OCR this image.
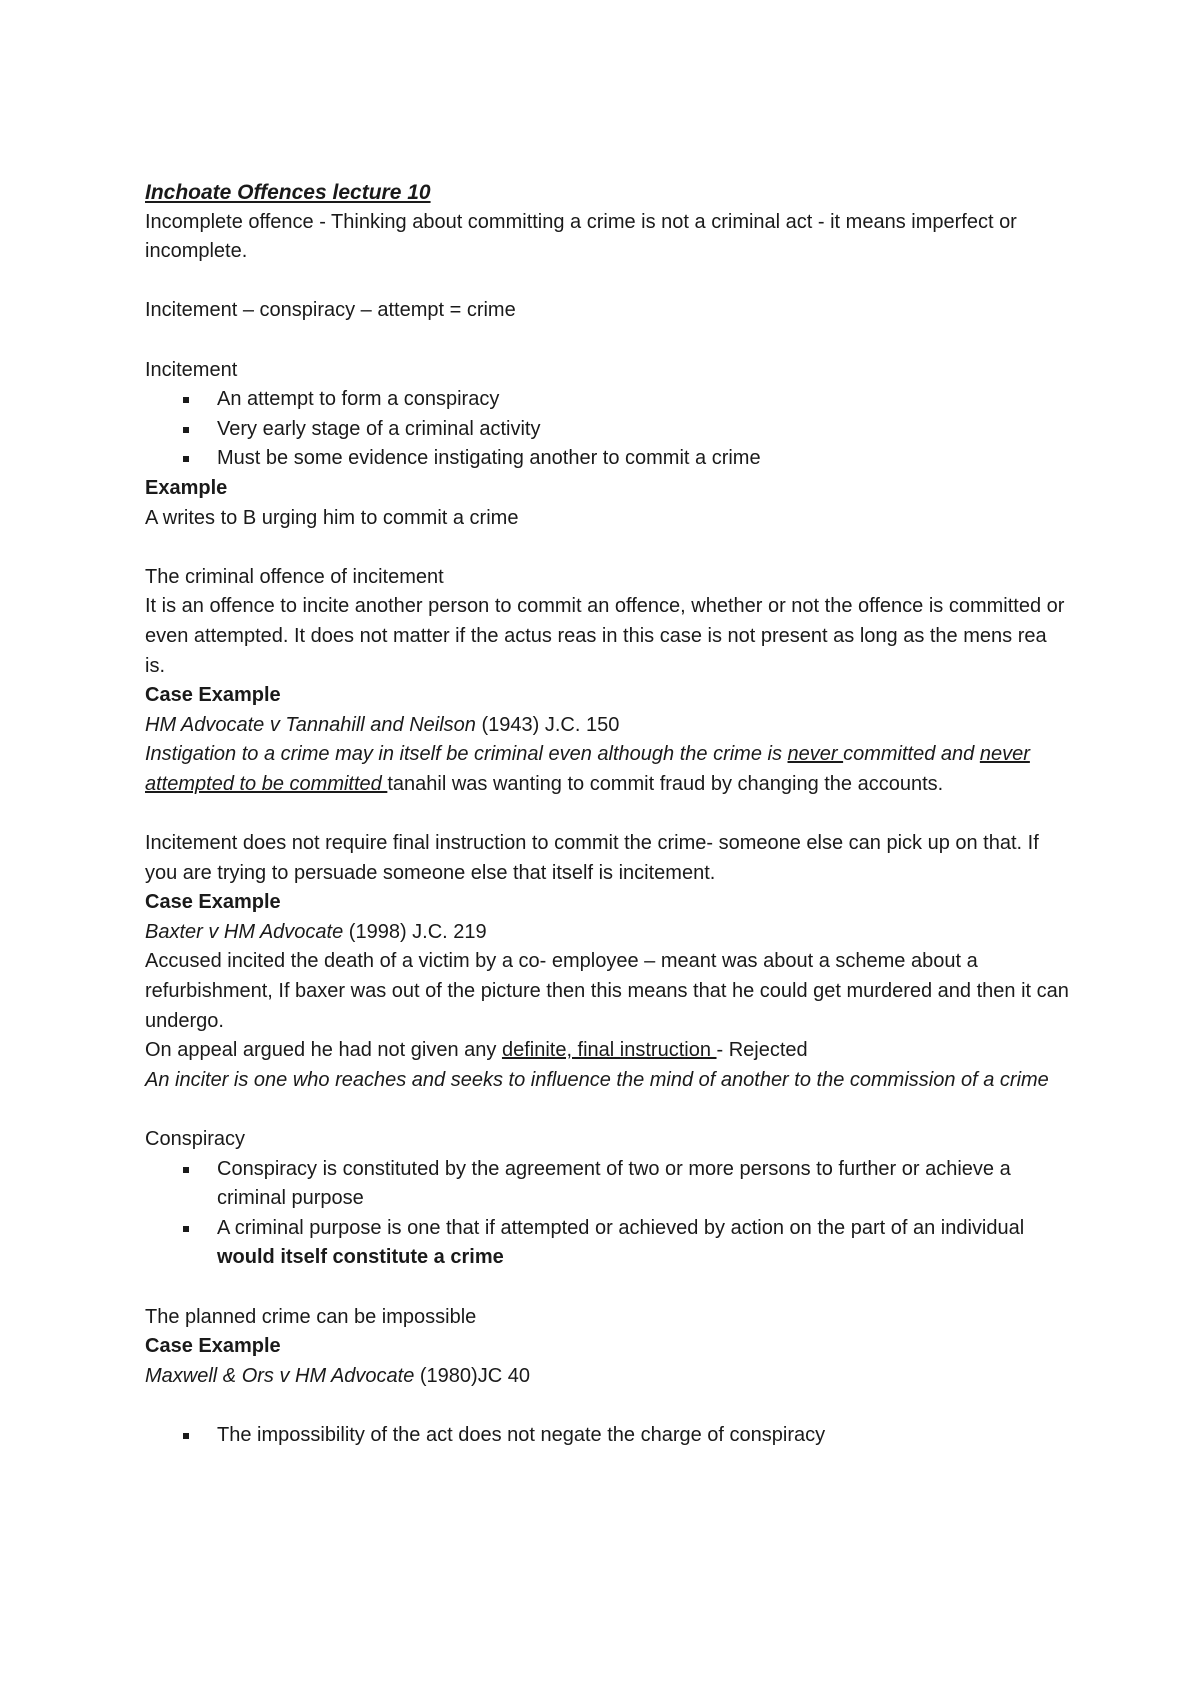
Inchoate Offences lecture 10

Incomplete offence - Thinking about committing a crime is not a criminal act - it means imperfect or incomplete.

Incitement – conspiracy – attempt = crime

Incitement

An attempt to form a conspiracy
Very early stage of a criminal activity
Must be some evidence instigating another to commit a crime

Example

A writes to B urging him to commit a crime

The criminal offence of incitement

It is an offence to incite another person to commit an offence, whether or not the offence is committed or even attempted. It does not matter if the actus reas in this case is not present as long as the mens rea is.

Case Example

HM Advocate v Tannahill and Neilson (1943) J.C. 150

Instigation to a crime may in itself be criminal even although the crime is never committed and never attempted to be committed tanahil was wanting to commit fraud by changing the accounts.

Incitement does not require final instruction to commit the crime- someone else can pick up on that. If you are trying to persuade someone else that itself is incitement.

Case Example

Baxter v HM Advocate (1998) J.C. 219

Accused incited the death of a victim by a co- employee – meant was about a scheme about a refurbishment, If baxer was out of the picture then this means that he could get murdered and then it can undergo.

On appeal argued he had not given any definite, final instruction - Rejected

An inciter is one who reaches and seeks to influence the mind of another to the commission of a crime

Conspiracy

Conspiracy is constituted by the agreement of two or more persons to further or achieve a criminal purpose
A criminal purpose is one that if attempted or achieved by action on the part of an individual would itself constitute a crime

The planned crime can be impossible

Case Example

Maxwell & Ors v HM Advocate (1980)JC 40

The impossibility of the act does not negate the charge of conspiracy
